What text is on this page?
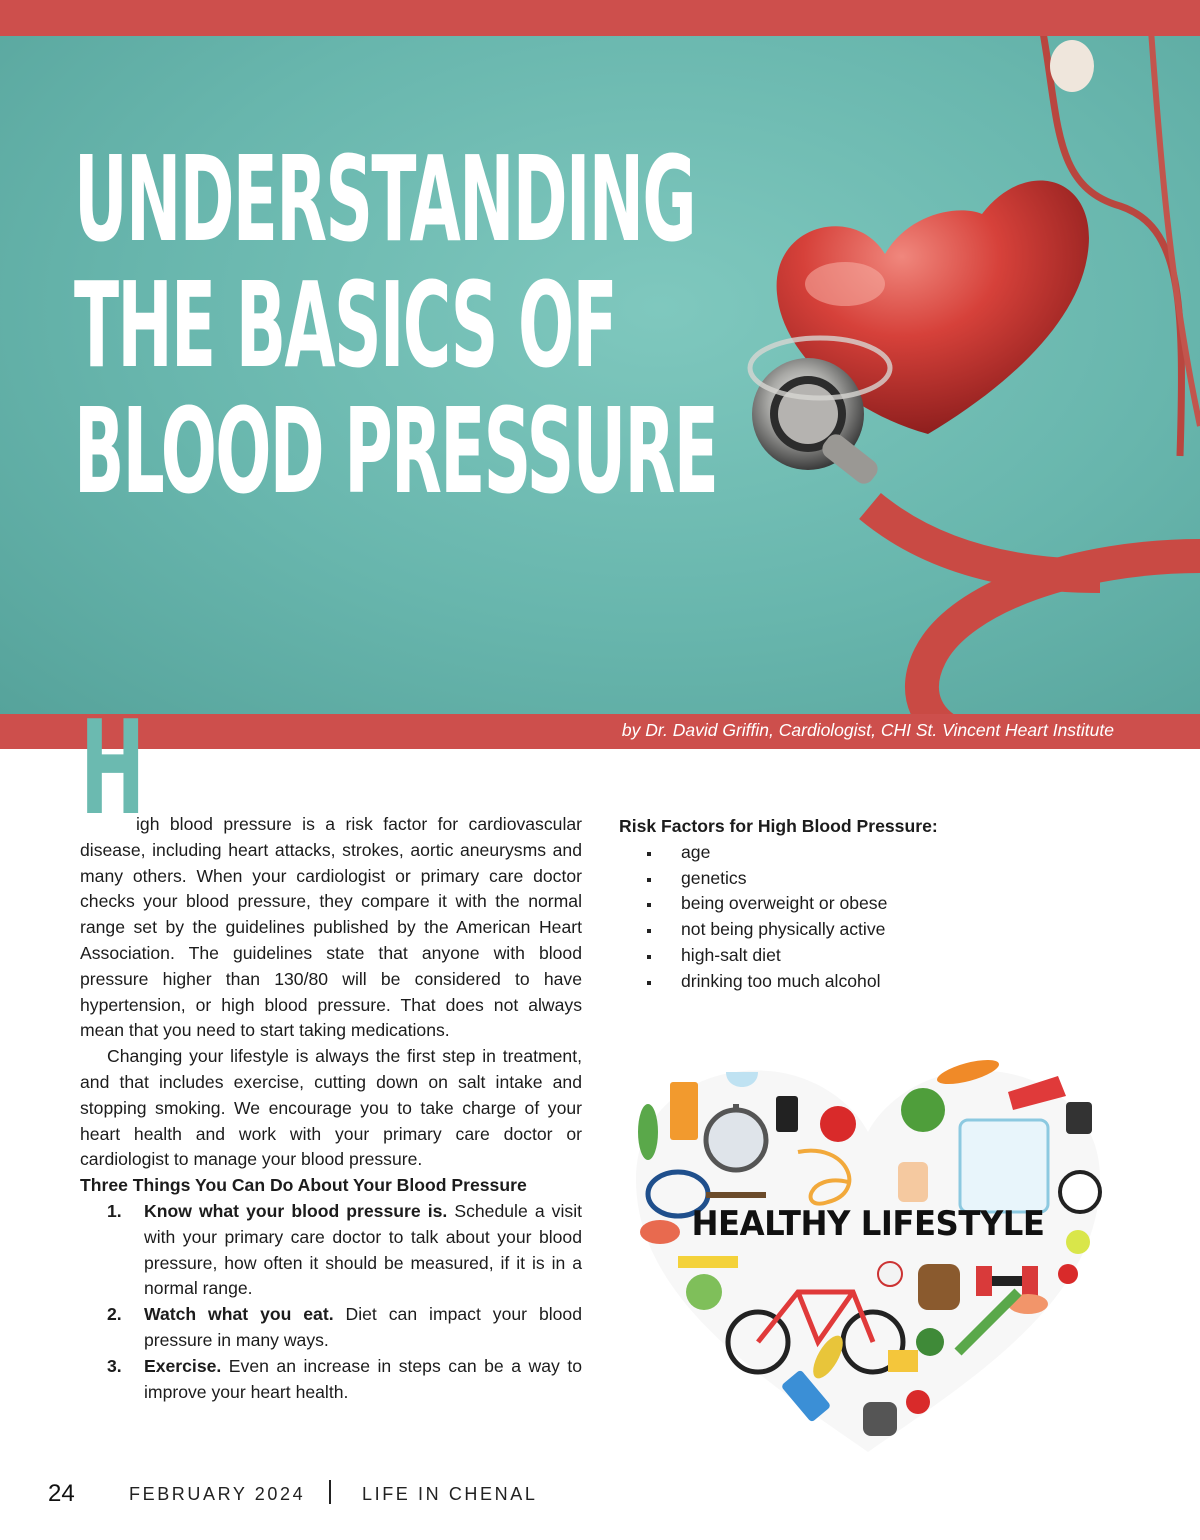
UNDERSTANDING
THE BASICS OF
BLOOD PRESSURE
by Dr. David Griffin, Cardiologist, CHI St. Vincent Heart Institute
H

igh blood pressure is a risk factor for cardiovascular disease, including heart attacks, strokes, aortic aneurysms and many others. When your cardiologist or primary care doctor checks your blood pressure, they compare it with the normal range set by the guidelines published by the American Heart Association. The guidelines state that anyone with blood pressure higher than 130/80 will be considered to have hypertension, or high blood pressure. That does not always mean that you need to start taking medications.

Changing your lifestyle is always the first step in treatment, and that includes exercise, cutting down on salt intake and stopping smoking. We encourage you to take charge of your heart health and work with your primary care doctor or cardiologist to manage your blood pressure.

Three Things You Can Do About Your Blood Pressure

1. Know what your blood pressure is. Schedule a visit with your primary care doctor to talk about your blood pressure, how often it should be measured, if it is in a normal range.
2. Watch what you eat. Diet can impact your blood pressure in many ways.
3. Exercise. Even an increase in steps can be a way to improve your heart health.

Risk Factors for High Blood Pressure:

age
genetics
being overweight or obese
not being physically active
high-salt diet
drinking too much alcohol
HEALTHY LIFESTYLE
24	FEBRUARY 2024	LIFE IN CHENAL
